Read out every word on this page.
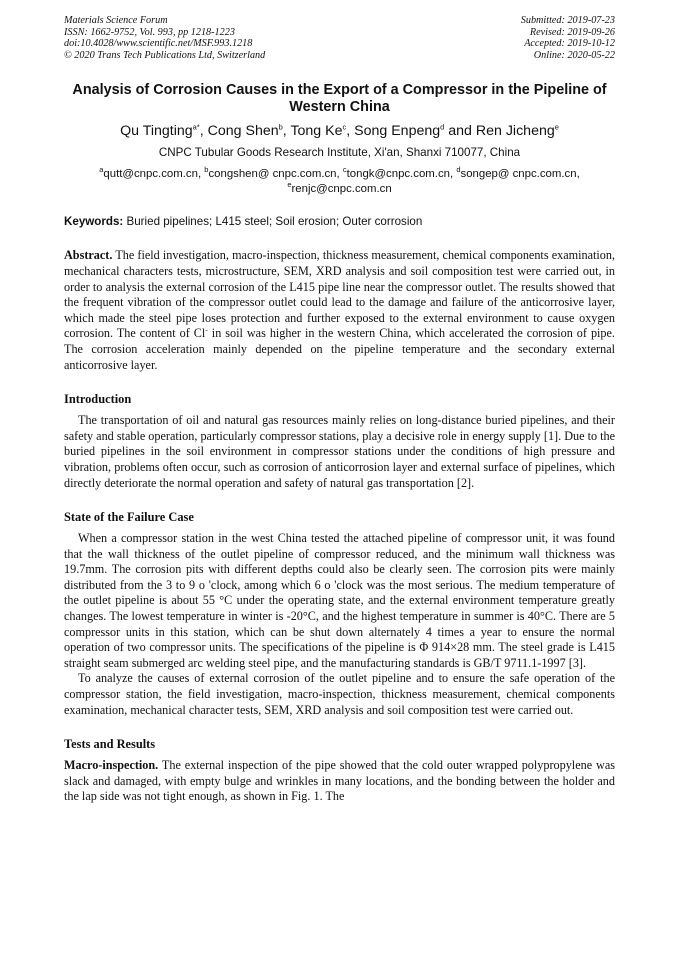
Materials Science Forum
ISSN: 1662-9752, Vol. 993, pp 1218-1223
doi:10.4028/www.scientific.net/MSF.993.1218
© 2020 Trans Tech Publications Ltd, Switzerland
Submitted: 2019-07-23
Revised: 2019-09-26
Accepted: 2019-10-12
Online: 2020-05-22
Analysis of Corrosion Causes in the Export of a Compressor in the Pipeline of Western China
Qu Tingting$^{a*}$, Cong Shen$^b$, Tong Ke$^c$, Song Enpeng$^d$ and Ren Jicheng$^e$
CNPC Tubular Goods Research Institute, Xi'an, Shanxi 710077, China
$^a$qutt@cnpc.com.cn, $^b$congshen@ cnpc.com.cn, $^c$tongk@cnpc.com.cn, $^d$songep@ cnpc.com.cn,
$^e$renjc@cnpc.com.cn
Keywords: Buried pipelines; L415 steel; Soil erosion; Outer corrosion

Abstract. The field investigation, macro-inspection, thickness measurement, chemical components examination, mechanical characters tests, microstructure, SEM, XRD analysis and soil composition test were carried out, in order to analysis the external corrosion of the L415 pipe line near the compressor outlet. The results showed that the frequent vibration of the compressor outlet could lead to the damage and failure of the anticorrosive layer, which made the steel pipe loses protection and further exposed to the external environment to cause oxygen corrosion. The content of Cl- in soil was higher in the western China, which accelerated the corrosion of pipe. The corrosion acceleration mainly depended on the pipeline temperature and the secondary external anticorrosive layer.

Introduction

The transportation of oil and natural gas resources mainly relies on long-distance buried pipelines, and their safety and stable operation, particularly compressor stations, play a decisive role in energy supply [1]. Due to the buried pipelines in the soil environment in compressor stations under the conditions of high pressure and vibration, problems often occur, such as corrosion of anticorrosion layer and external surface of pipelines, which directly deteriorate the normal operation and safety of natural gas transportation [2].

State of the Failure Case

When a compressor station in the west China tested the attached pipeline of compressor unit, it was found that the wall thickness of the outlet pipeline of compressor reduced, and the minimum wall thickness was 19.7mm. The corrosion pits with different depths could also be clearly seen. The corrosion pits were mainly distributed from the 3 to 9 o 'clock, among which 6 o 'clock was the most serious. The medium temperature of the outlet pipeline is about 55 °C under the operating state, and the external environment temperature greatly changes. The lowest temperature in winter is -20°C, and the highest temperature in summer is 40°C. There are 5 compressor units in this station, which can be shut down alternately 4 times a year to ensure the normal operation of two compressor units. The specifications of the pipeline is Φ 914×28 mm. The steel grade is L415 straight seam submerged arc welding steel pipe, and the manufacturing standards is GB/T 9711.1-1997 [3].

To analyze the causes of external corrosion of the outlet pipeline and to ensure the safe operation of the compressor station, the field investigation, macro-inspection, thickness measurement, chemical components examination, mechanical character tests, SEM, XRD analysis and soil composition test were carried out.

Tests and Results

Macro-inspection. The external inspection of the pipe showed that the cold outer wrapped polypropylene was slack and damaged, with empty bulge and wrinkles in many locations, and the bonding between the holder and the lap side was not tight enough, as shown in Fig. 1. The
